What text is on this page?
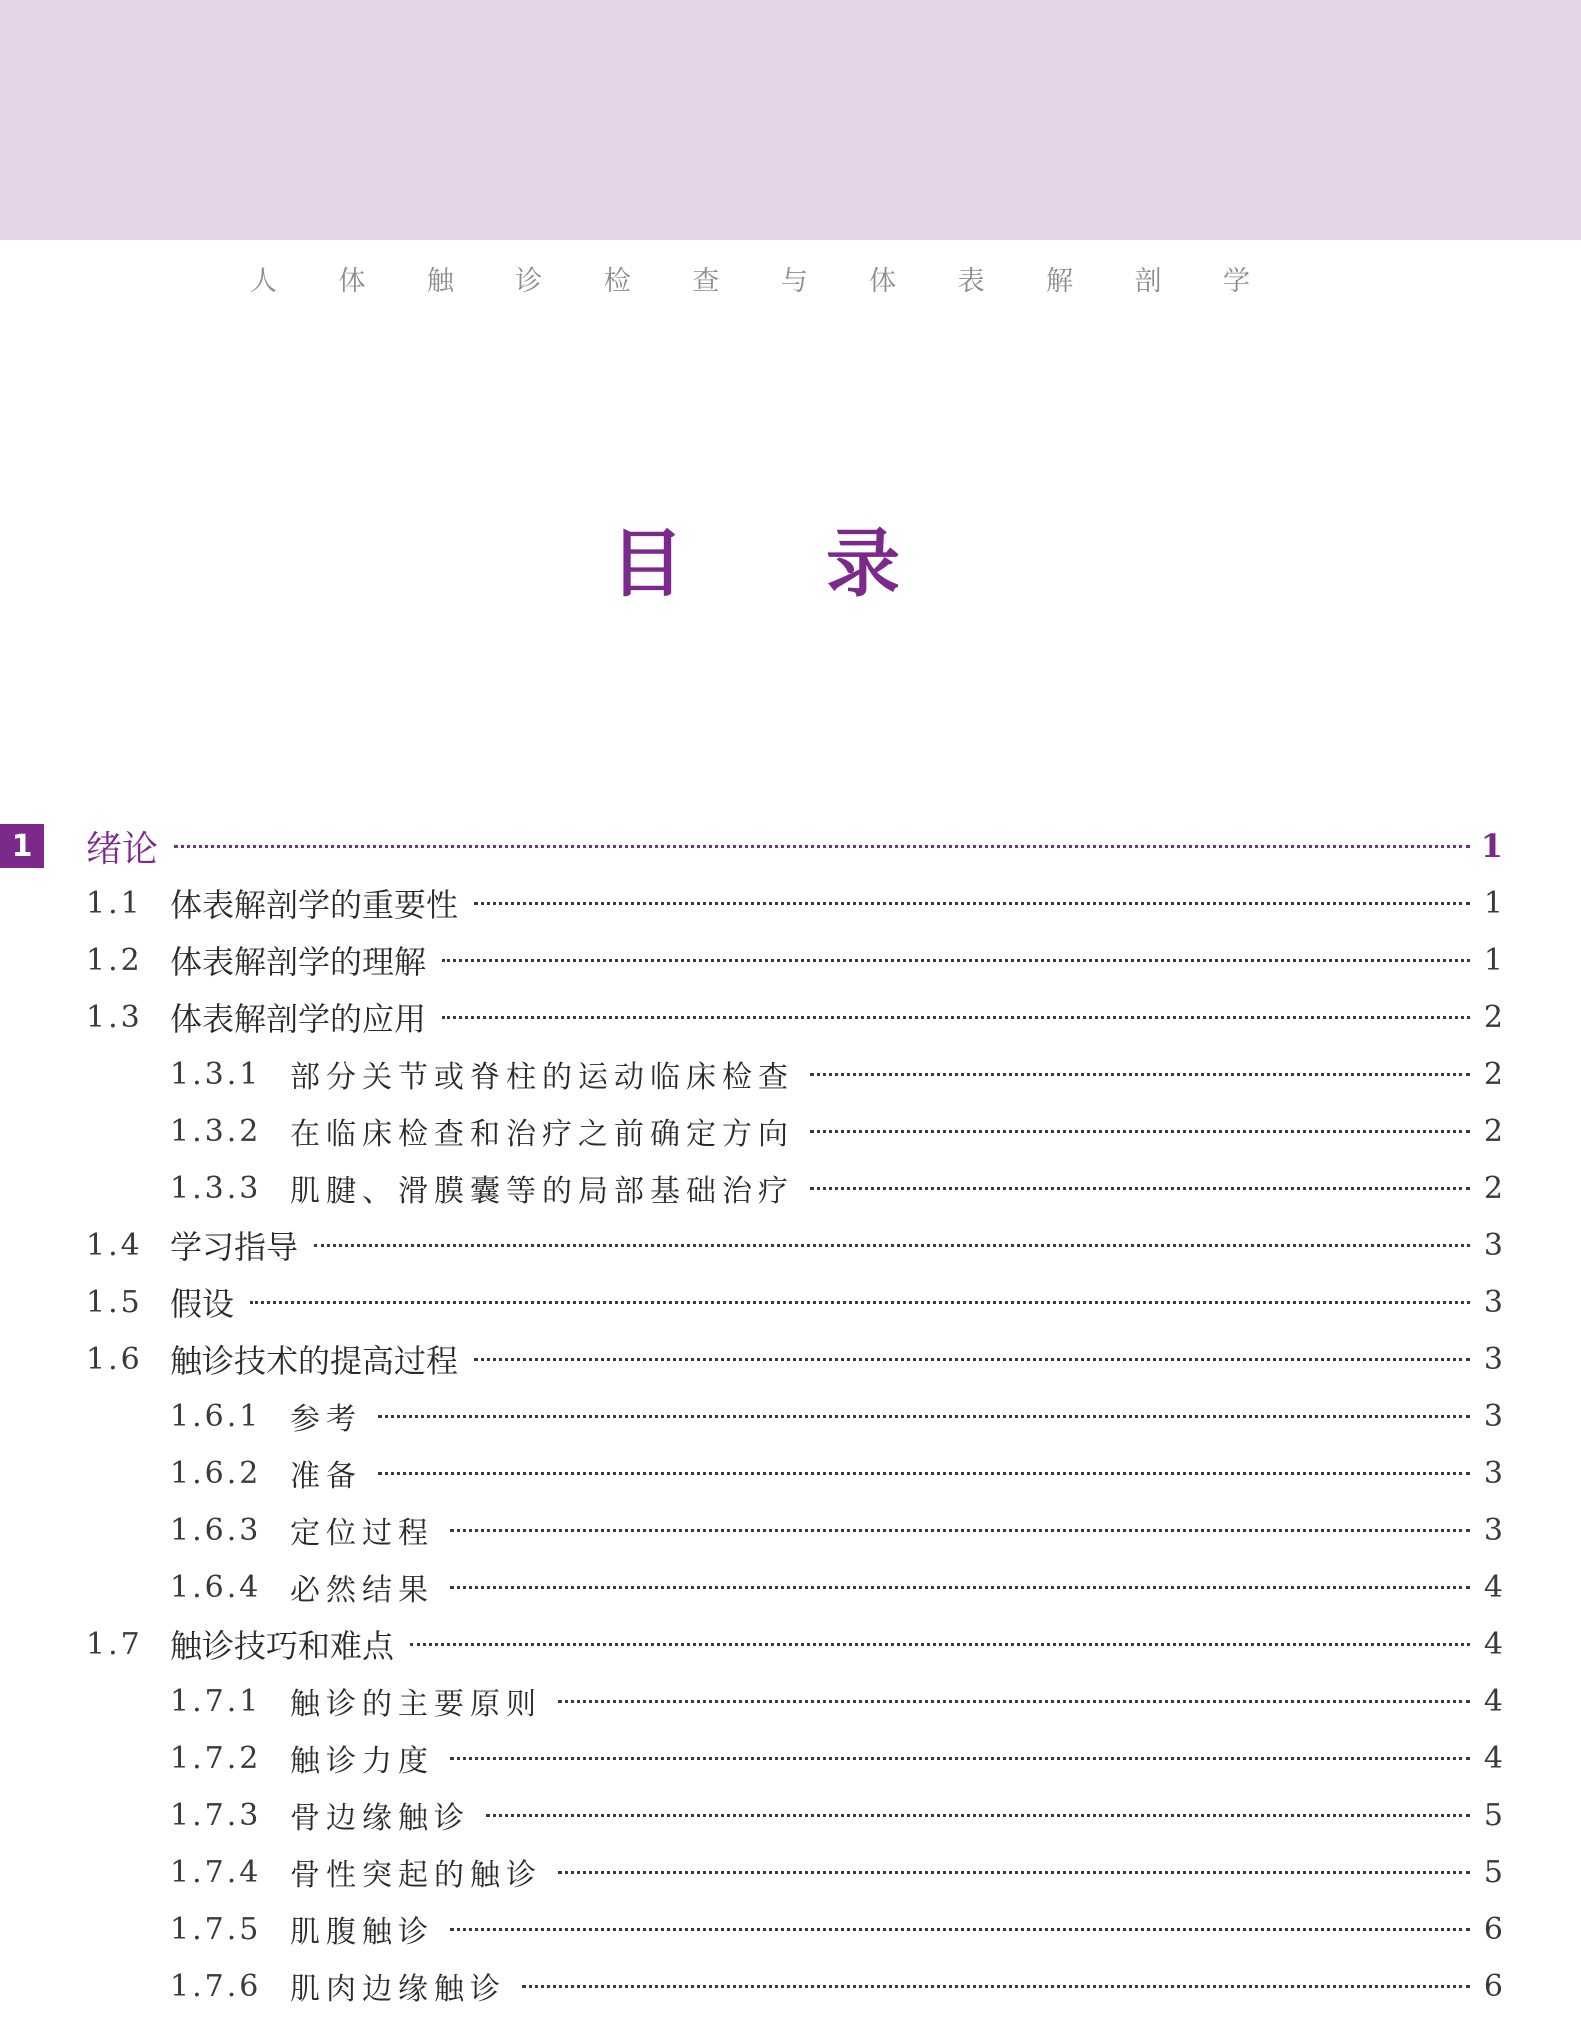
人 体 触 诊 检 查 与 体 表 解 剖 学
目 录
1	绪论	1
1.1 体表解剖学的重要性	1
1.2 体表解剖学的理解	1
1.3 体表解剖学的应用	2
1.3.1 部分关节或脊柱的运动临床检查	2
1.3.2 在临床检查和治疗之前确定方向	2
1.3.3 肌腱、滑膜囊等的局部基础治疗	2
1.4 学习指导	3
1.5 假设	3
1.6 触诊技术的提高过程	3
1.6.1 参考	3
1.6.2 准备	3
1.6.3 定位过程	3
1.6.4 必然结果	4
1.7 触诊技巧和难点	4
1.7.1 触诊的主要原则	4
1.7.2 触诊力度	4
1.7.3 骨边缘触诊	5
1.7.4 骨性突起的触诊	5
1.7.5 肌腹触诊	6
1.7.6 肌肉边缘触诊	6
